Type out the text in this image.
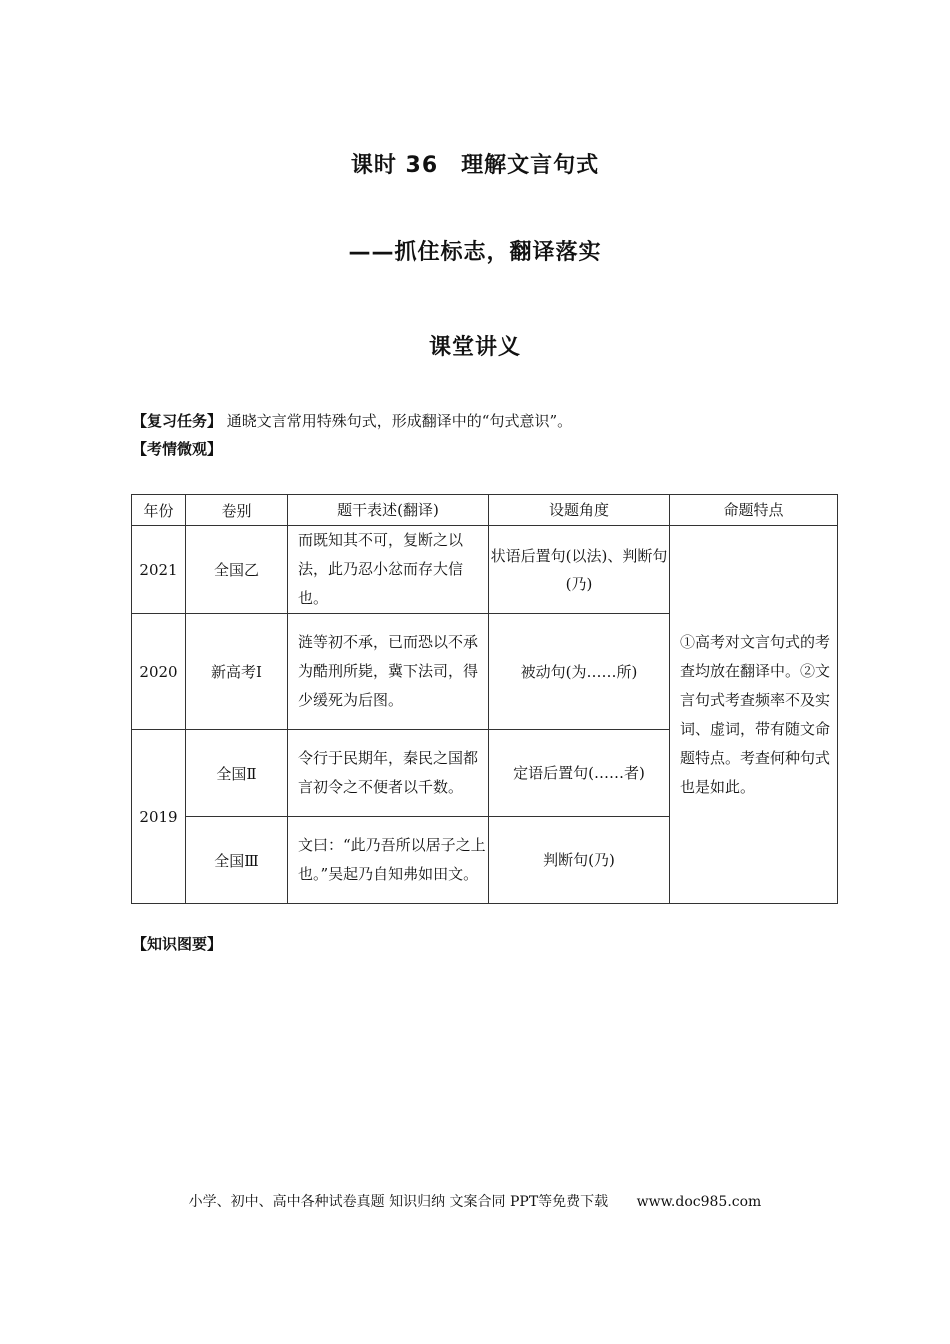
课时 36　理解文言句式
——抓住标志，翻译落实
课堂讲义
【复习任务】 通晓文言常用特殊句式，形成翻译中的“句式意识”。
【考情微观】
年份	卷别	题干表述(翻译)	设题角度	命题特点
2021	全国乙	而既知其不可，复断之以法，此乃忍小忿而存大信也。	状语后置句(以法)、判断句(乃)	①高考对文言句式的考查均放在翻译中。②文言句式考查频率不及实词、虚词，带有随文命题特点。考查何种句式也是如此。
2020	新高考Ⅰ	涟等初不承，已而恐以不承为酷刑所毙，冀下法司，得少缓死为后图。	被动句(为……所)	
2019	全国Ⅱ	令行于民期年，秦民之国都言初令之不便者以千数。	定语后置句(……者)	
	全国Ⅲ	文曰：“此乃吾所以居子之上也。”吴起乃自知弗如田文。	判断句(乃)	
【知识图要】
小学、初中、高中各种试卷真题 知识归纳 文案合同 PPT等免费下载 www.doc985.com
